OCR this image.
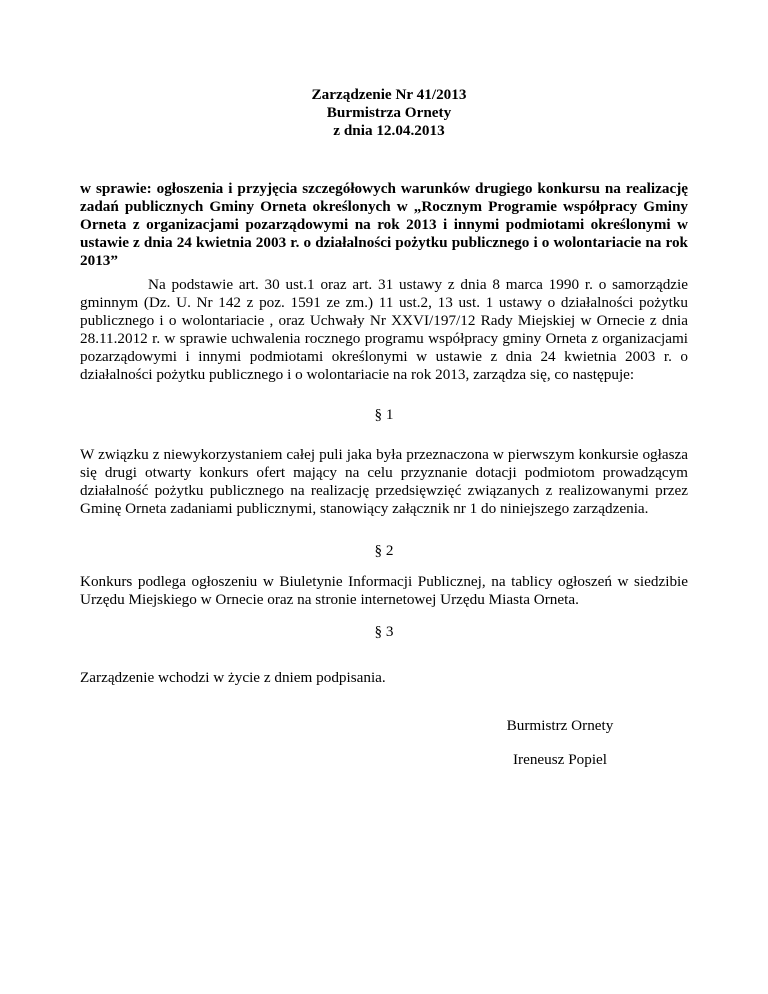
Zarządzenie Nr 41/2013
Burmistrza Ornety
z dnia 12.04.2013

w sprawie: ogłoszenia i przyjęcia szczegółowych warunków drugiego konkursu na realizację zadań publicznych Gminy Orneta określonych w „Rocznym Programie współpracy Gminy Orneta z organizacjami pozarządowymi na rok 2013 i innymi podmiotami określonymi w ustawie z dnia 24 kwietnia 2003 r. o działalności pożytku publicznego i o wolontariacie na rok 2013”

Na podstawie art. 30 ust.1 oraz art. 31 ustawy z dnia 8 marca 1990 r. o samorządzie gminnym (Dz. U. Nr 142 z poz. 1591 ze zm.) 11 ust.2, 13 ust. 1 ustawy o działalności pożytku publicznego i o wolontariacie , oraz Uchwały Nr XXVI/197/12 Rady Miejskiej w Ornecie z dnia 28.11.2012 r. w sprawie uchwalenia rocznego programu współpracy gminy Orneta z organizacjami pozarządowymi i innymi podmiotami określonymi w ustawie z dnia 24 kwietnia 2003 r. o działalności pożytku publicznego i o wolontariacie na rok 2013, zarządza się, co następuje:

§ 1

W związku z niewykorzystaniem całej puli jaka była przeznaczona w pierwszym konkursie ogłasza się drugi otwarty konkurs ofert mający na celu przyznanie dotacji podmiotom prowadzącym działalność pożytku publicznego na realizację przedsięwzięć związanych z realizowanymi przez Gminę Orneta zadaniami publicznymi, stanowiący załącznik nr 1 do niniejszego zarządzenia.

§ 2

Konkurs podlega ogłoszeniu w Biuletynie Informacji Publicznej, na tablicy ogłoszeń w siedzibie Urzędu Miejskiego w Ornecie oraz na stronie internetowej Urzędu Miasta Orneta.

§ 3

Zarządzenie wchodzi w życie z dniem podpisania.

Burmistrz Ornety
Ireneusz Popiel
